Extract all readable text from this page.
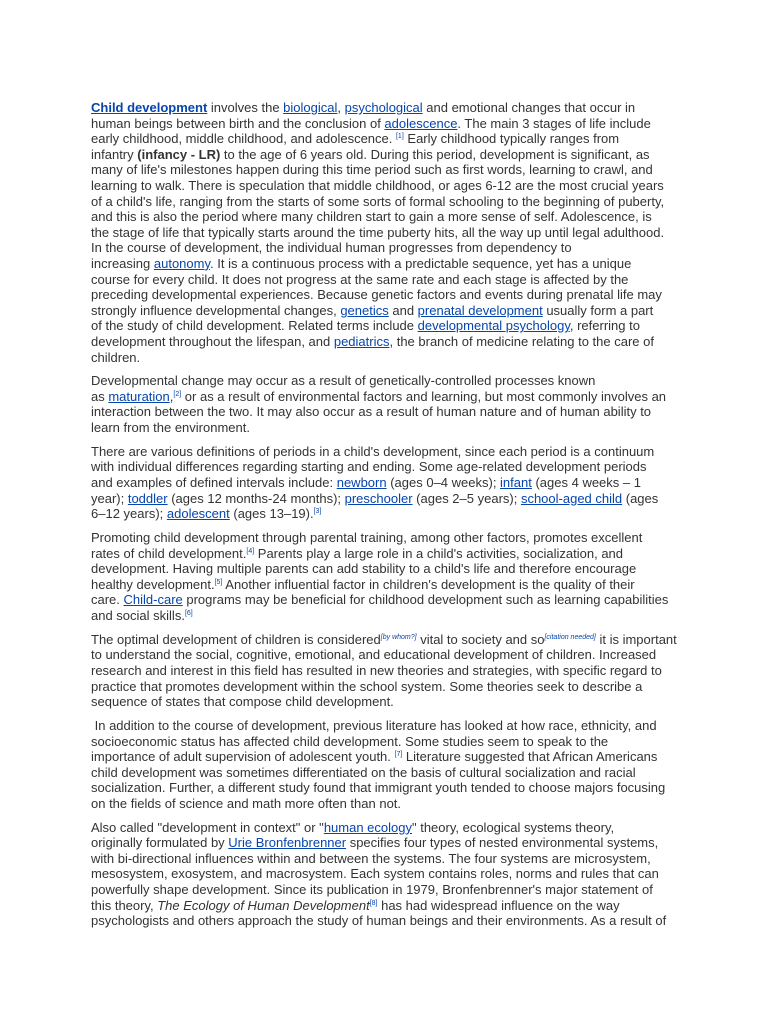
Child development involves the biological, psychological and emotional changes that occur in
human beings between birth and the conclusion of adolescence. The main 3 stages of life include
early childhood, middle childhood, and adolescence. [1] Early childhood typically ranges from
infantry (infancy - LR) to the age of 6 years old. During this period, development is significant, as
many of life's milestones happen during this time period such as first words, learning to crawl, and
learning to walk. There is speculation that middle childhood, or ages 6-12 are the most crucial years
of a child's life, ranging from the starts of some sorts of formal schooling to the beginning of puberty,
and this is also the period where many children start to gain a more sense of self. Adolescence, is
the stage of life that typically starts around the time puberty hits, all the way up until legal adulthood.
In the course of development, the individual human progresses from dependency to
increasing autonomy. It is a continuous process with a predictable sequence, yet has a unique
course for every child. It does not progress at the same rate and each stage is affected by the
preceding developmental experiences. Because genetic factors and events during prenatal life may
strongly influence developmental changes, genetics and prenatal development usually form a part
of the study of child development. Related terms include developmental psychology, referring to
development throughout the lifespan, and pediatrics, the branch of medicine relating to the care of
children.

Developmental change may occur as a result of genetically-controlled processes known
as maturation,[2] or as a result of environmental factors and learning, but most commonly involves an
interaction between the two. It may also occur as a result of human nature and of human ability to
learn from the environment.

There are various definitions of periods in a child's development, since each period is a continuum
with individual differences regarding starting and ending. Some age-related development periods
and examples of defined intervals include: newborn (ages 0–4 weeks); infant (ages 4 weeks – 1
year); toddler (ages 12 months-24 months); preschooler (ages 2–5 years); school-aged child (ages
6–12 years); adolescent (ages 13–19).[3]

Promoting child development through parental training, among other factors, promotes excellent
rates of child development.[4] Parents play a large role in a child's activities, socialization, and
development. Having multiple parents can add stability to a child's life and therefore encourage
healthy development.[5] Another influential factor in children's development is the quality of their
care. Child-care programs may be beneficial for childhood development such as learning capabilities
and social skills.[6]

The optimal development of children is considered[by whom?] vital to society and so[citation needed] it is important
to understand the social, cognitive, emotional, and educational development of children. Increased
research and interest in this field has resulted in new theories and strategies, with specific regard to
practice that promotes development within the school system. Some theories seek to describe a
sequence of states that compose child development.

In addition to the course of development, previous literature has looked at how race, ethnicity, and
socioeconomic status has affected child development. Some studies seem to speak to the
importance of adult supervision of adolescent youth. [7] Literature suggested that African Americans
child development was sometimes differentiated on the basis of cultural socialization and racial
socialization. Further, a different study found that immigrant youth tended to choose majors focusing
on the fields of science and math more often than not.

Also called "development in context" or "human ecology" theory, ecological systems theory,
originally formulated by Urie Bronfenbrenner specifies four types of nested environmental systems,
with bi-directional influences within and between the systems. The four systems are microsystem,
mesosystem, exosystem, and macrosystem. Each system contains roles, norms and rules that can
powerfully shape development. Since its publication in 1979, Bronfenbrenner's major statement of
this theory, The Ecology of Human Development[8] has had widespread influence on the way
psychologists and others approach the study of human beings and their environments. As a result of
